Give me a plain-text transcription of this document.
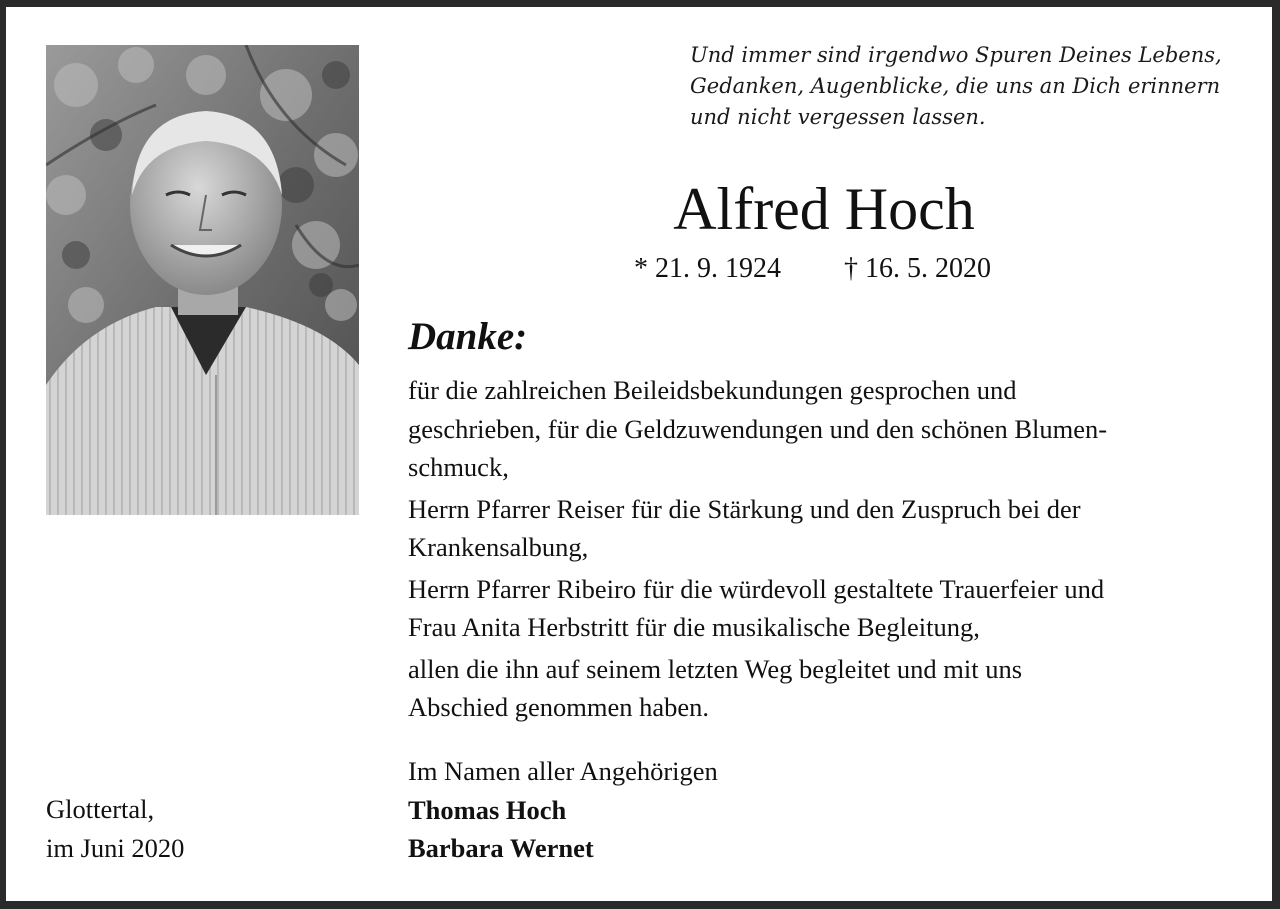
Und immer sind irgendwo Spuren Deines Lebens,
Gedanken, Augenblicke, die uns an Dich erinnern
und nicht vergessen lassen.
Alfred Hoch
* 21. 9. 1924 † 16. 5. 2020
Danke:
für die zahlreichen Beileidsbekundungen gesprochen und
geschrieben, für die Geldzuwendungen und den schönen Blumen-
schmuck,
Herrn Pfarrer Reiser für die Stärkung und den Zuspruch bei der
Krankensalbung,
Herrn Pfarrer Ribeiro für die würdevoll gestaltete Trauerfeier und
Frau Anita Herbstritt für die musikalische Begleitung,
allen die ihn auf seinem letzten Weg begleitet und mit uns
Abschied genommen haben.
Im Namen aller Angehörigen
Thomas Hoch
Barbara Wernet
Glottertal,
im Juni 2020
